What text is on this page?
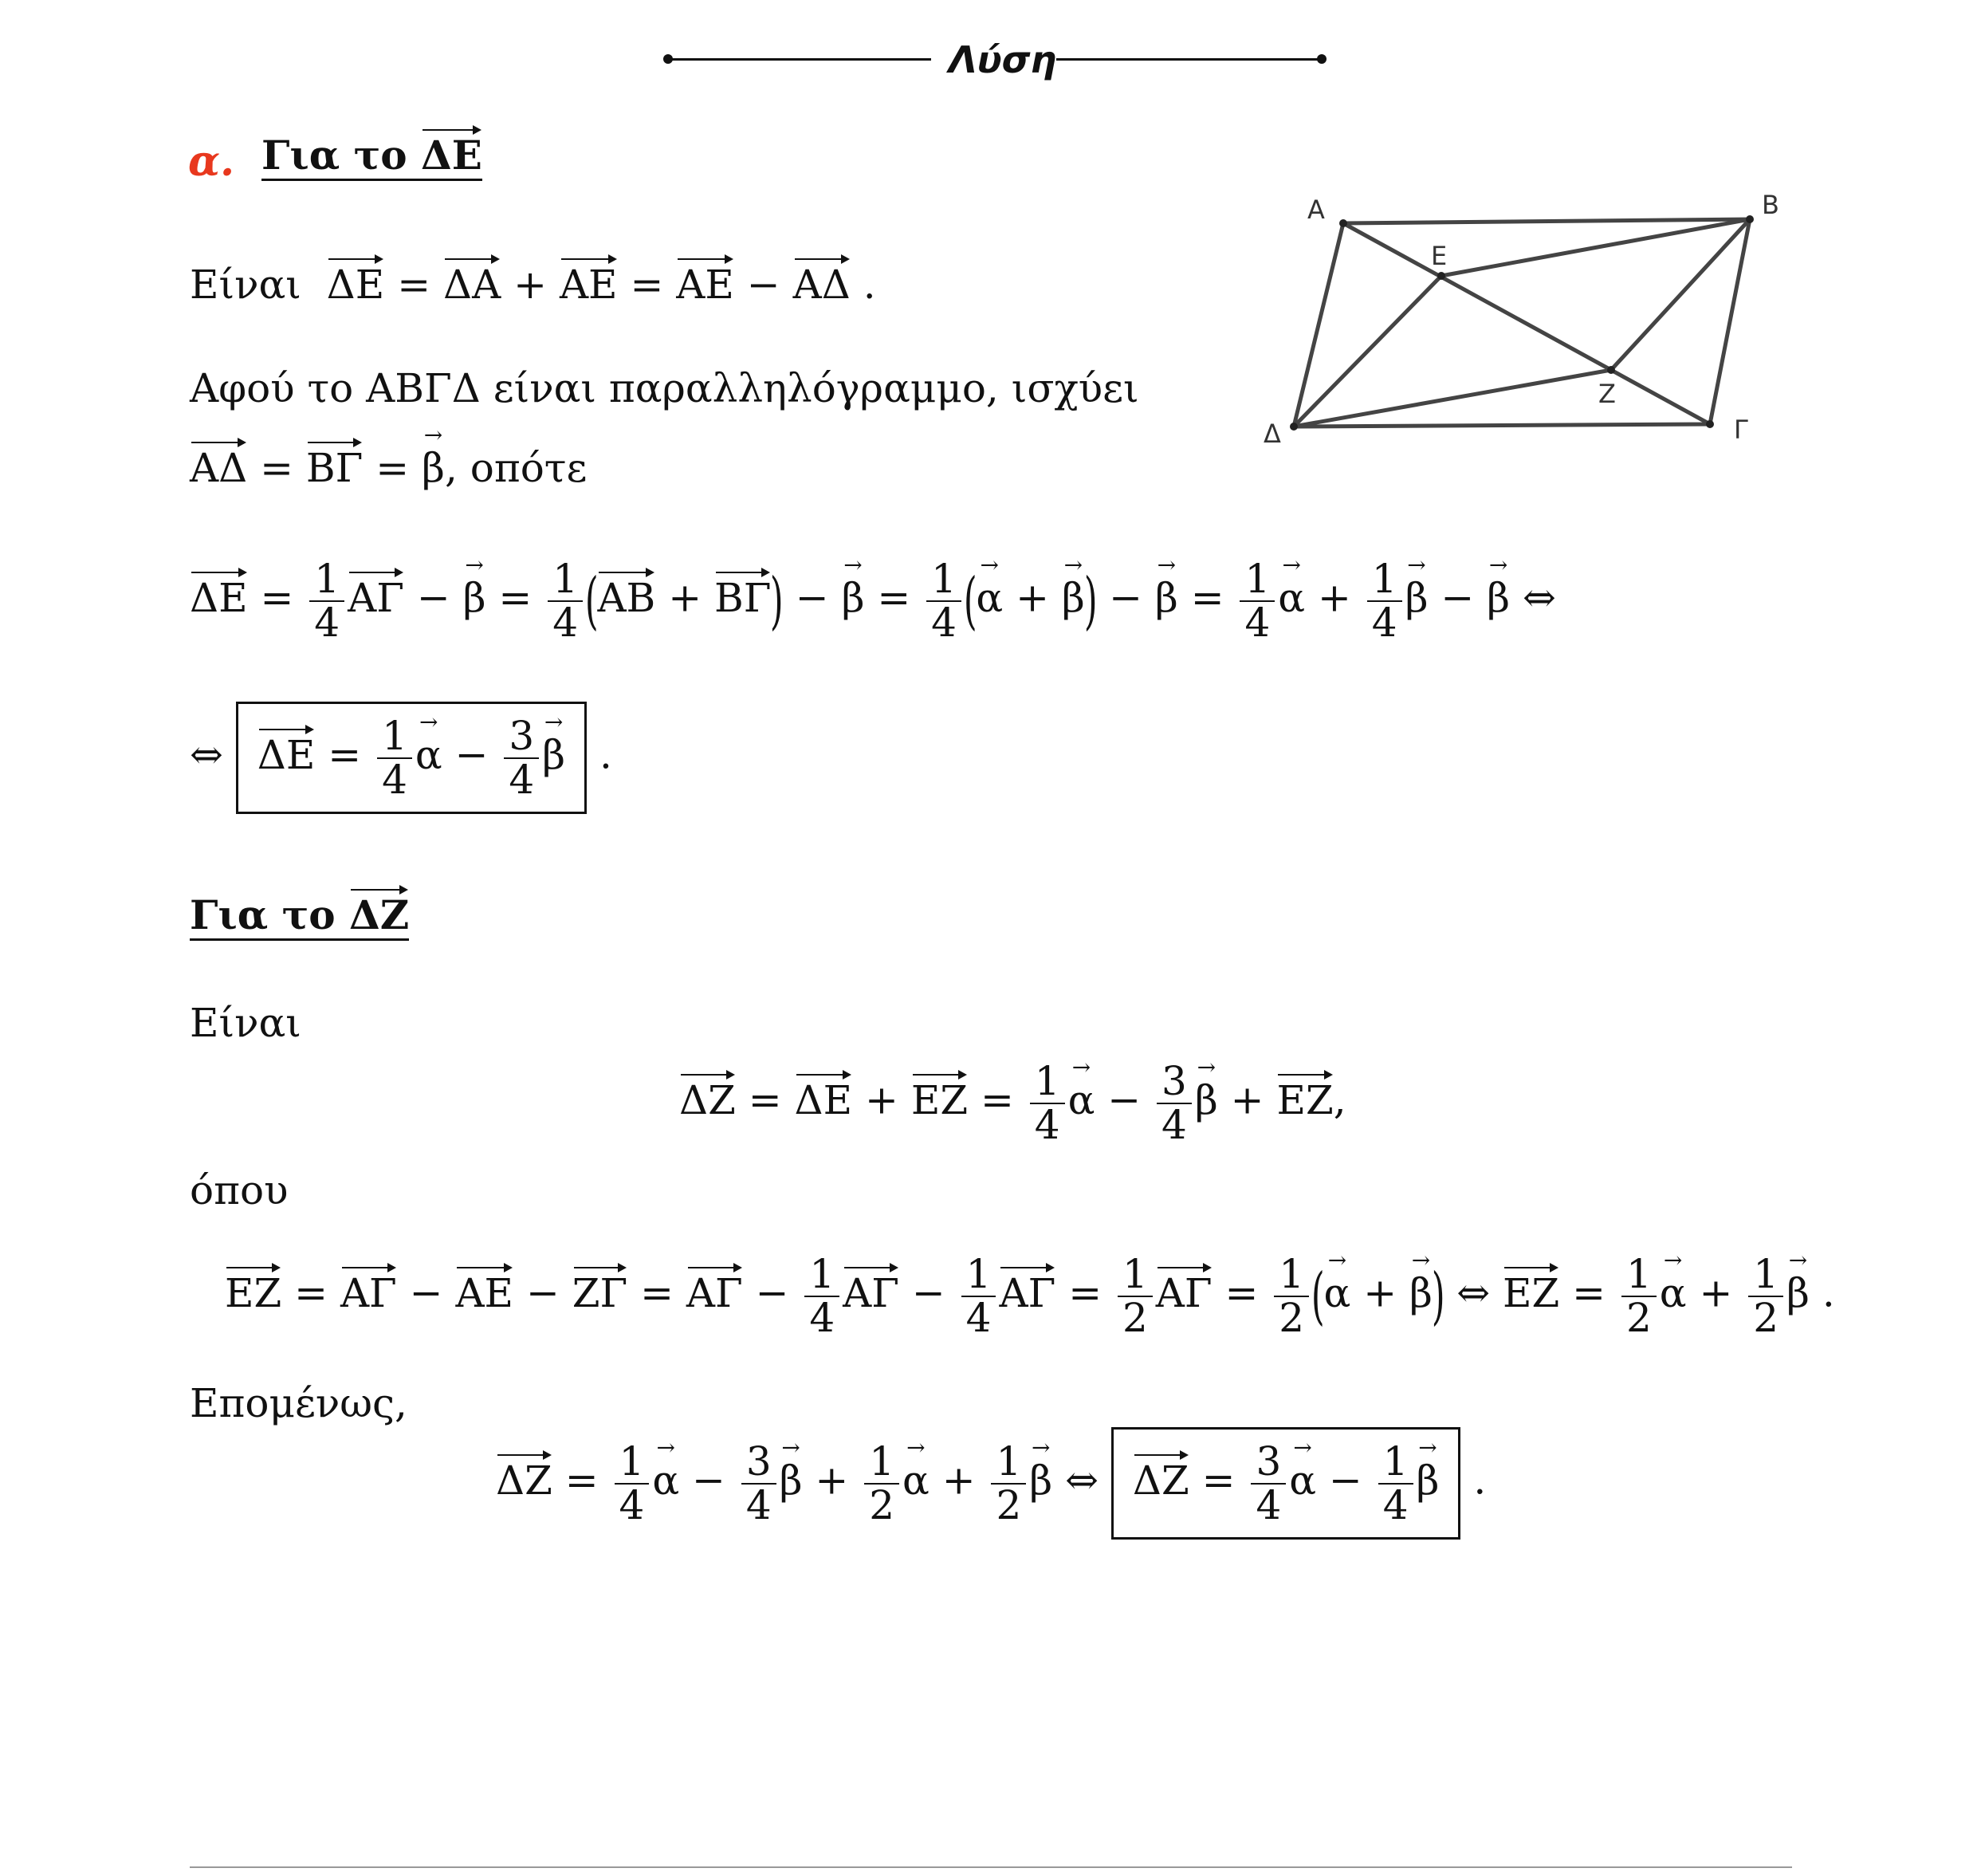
Λύση
α. Για το ΔΕ
Είναι ΔΕ = ΔΑ + ΑΕ = ΑΕ − ΑΔ .
Αφού το ΑΒΓΔ είναι παραλληλόγραμμο, ισχύει
ΑΔ = ΒΓ = → β, οπότε
$\Delta E = \frac{1}{4}$ ΑΓ − → $\beta = \frac{1}{4} (AB + B\Gamma)$ − → $\beta = \frac{1}{4}$ (→ α + → β) − → $\beta = \frac{1}{4}$
→ $\alpha + \frac{1}{4}$
→ β − → β ⇔
⇔ $\Delta E = \frac{1}{4}$
→ $\alpha - \frac{3}{4}$
→ β .
Για το ΔΖ
Είναι
$\Delta Z = \Delta E + EZ = \frac{1}{4}$
→ $\alpha - \frac{3}{4}$
→ β + ΕΖ,
όπου
$EZ = A\Gamma - AE - Z\Gamma = A\Gamma - \frac{1}{4}$ $A\Gamma - \frac{1}{4}$ $A\Gamma = \frac{1}{2}$ $A\Gamma = \frac{1}{2}$ (→ α + → β) ⇔ $EZ = \frac{1}{2}$
→ $\alpha + \frac{1}{2}$
→ β .
Επομένως,
$\Delta Z = \frac{1}{4}$
→ $\alpha - \frac{3}{4}$
→ $\beta + \frac{1}{2}$
→ $\alpha + \frac{1}{2}$
→ β ⇔ $\Delta Z = \frac{3}{4}$
→ $\alpha - \frac{1}{4}$
→ β .
A	B
Γ
Δ
E
Z
